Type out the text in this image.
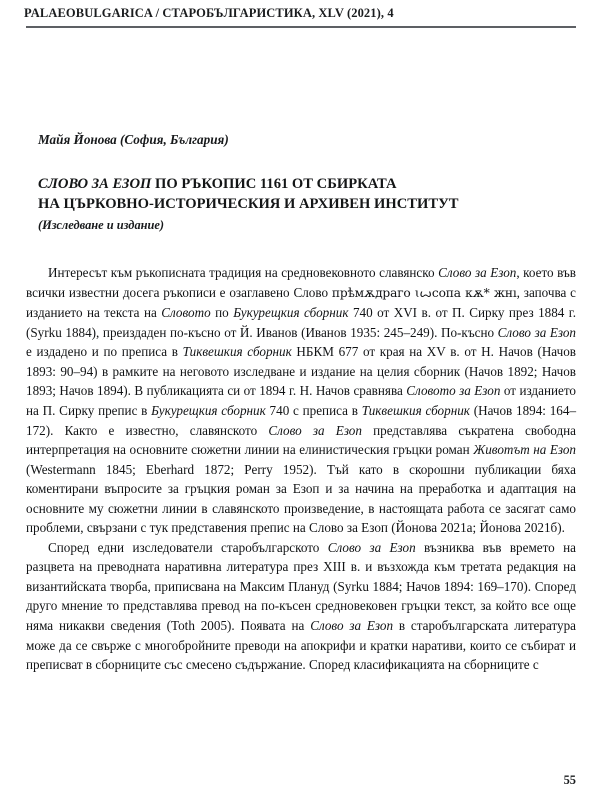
PALAEOBULGARICA / СТАРОБЪЛГАРИСТИКА, XLV (2021), 4
Майя Йонова (София, България)
СЛОВО ЗА ЕЗОП ПО РЪКОПИС 1161 ОТ СБИРКАТА
НА ЦЪРКОВНО-ИСТОРИЧЕСКИЯ И АРХИВЕН ИНСТИТУТ
(Изследване и издание)

Интересът към ръкописната традиция на средновековното славянско Слово за Езоп, което във всички известни досега ръкописи е озаглавено Слово прѣмѫдраго ꙇꙍсопа кѫ* жнı, започва с изданието на текста на Словото по Букурещкия сборник 740 от XVI в. от П. Сирку през 1884 г. (Syrku 1884), преиздаден по-късно от Й. Иванов (Иванов 1935: 245–249). По-късно Слово за Езоп е издадено и по преписа в Тиквешкия сборник НБКМ 677 от края на XV в. от Н. Начов (Начов 1893: 90–94) в рамките на неговото изследване и издание на целия сборник (Начов 1892; Начов 1893; Начов 1894). В публикацията си от 1894 г. Н. Начов сравнява Словото за Езоп от изданието на П. Сирку препис в Букурещкия сборник 740 с преписа в Тиквешкия сборник (Начов 1894: 164–172). Както е известно, славянското Слово за Езоп представлява съкратена свободна интерпретация на основните сюжетни линии на елинистическия гръцки роман Животът на Езоп (Westermann 1845; Eberhard 1872; Perry 1952). Тъй като в скорошни публикации бяха коментирани въпросите за гръцкия роман за Езоп и за начина на преработка и адаптация на основните му сюжетни линии в славянското произведение, в настоящата работа се засягат само проблеми, свързани с тук представения препис на Слово за Езоп (Йонова 2021а; Йонова 2021б).

Според едни изследователи старобългарското Слово за Езоп възниква във времето на разцвета на преводната наративна литература през XIII в. и възхожда към третата редакция на византийската творба, приписвана на Максим Плануд (Syrku 1884; Начов 1894: 169–170). Според друго мнение то представлява превод на по-късен средновековен гръцки текст, за който все още няма никакви сведения (Toth 2005). Появата на Слово за Езоп в старобългарската литература може да се свърже с многобройните преводи на апокрифи и кратки наративи, които се събират и преписват в сборниците със смесено съдържание. Според класификацията на сборниците с

55
